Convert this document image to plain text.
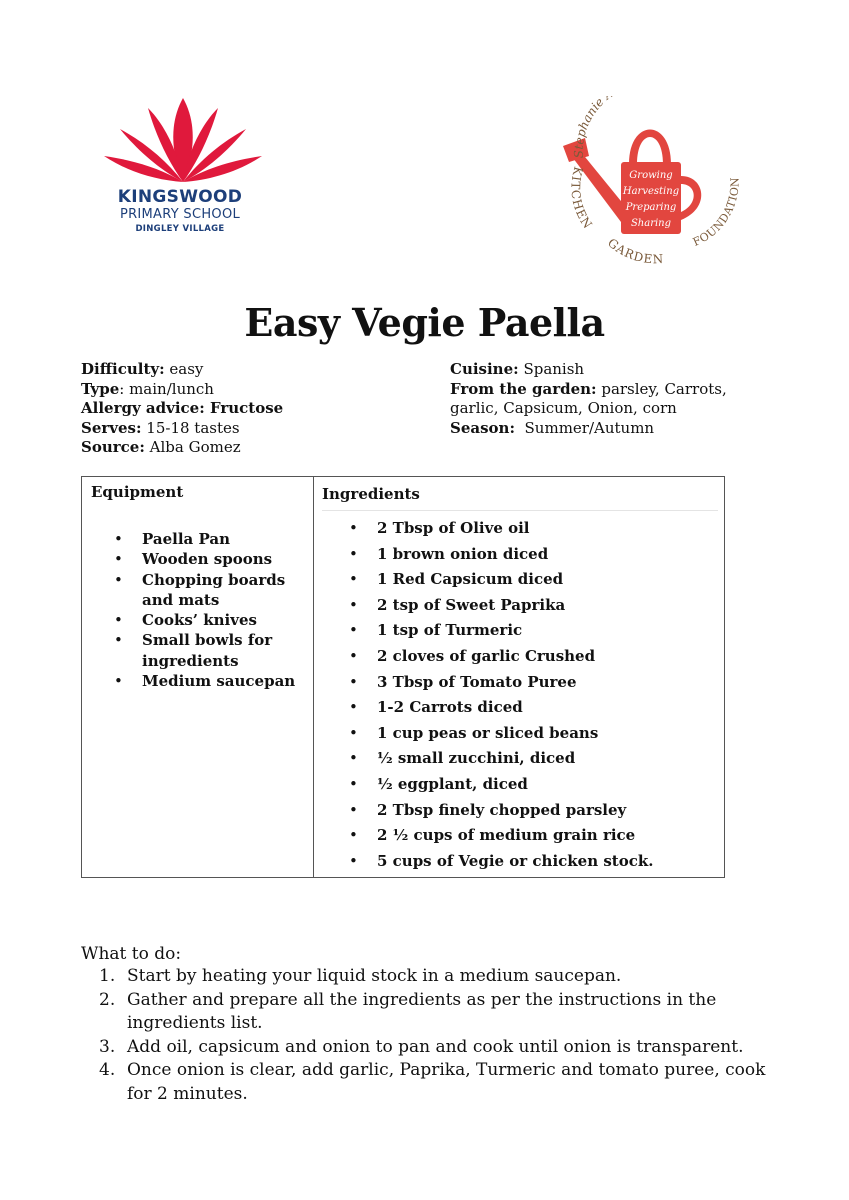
KINGSWOOD
PRIMARY SCHOOL
DINGLEY VILLAGE
Stephanie
KITCHEN
GARDEN
FOUNDATION
Growing
Harvesting
Preparing
Sharing
Easy Vegie Paella
Difficulty: easy
Type: main/lunch
Allergy advice: Fructose
Serves: 15-18 tastes
Source: Alba Gomez
Cuisine: Spanish
From the garden: parsley, Carrots, garlic, Capsicum, Onion, corn
Season:  Summer/Autumn
Equipment
• Paella Pan
• Wooden spoons
• Chopping boards and mats
• Cooks’ knives
• Small bowls for ingredients
• Medium saucepan
Ingredients
• 2 Tbsp of Olive oil
• 1 brown onion diced
• 1 Red Capsicum diced
• 2 tsp of Sweet Paprika
• 1 tsp of Turmeric
• 2 cloves of garlic Crushed
• 3 Tbsp of Tomato Puree
• 1-2 Carrots diced
• 1 cup peas or sliced beans
• ½ small zucchini, diced
• ½ eggplant, diced
• 2 Tbsp finely chopped parsley
• 2 ½ cups of medium grain rice
• 5 cups of Vegie or chicken stock.
What to do:
1. Start by heating your liquid stock in a medium saucepan.
2. Gather and prepare all the ingredients as per the instructions in the ingredients list.
3. Add oil, capsicum and onion to pan and cook until onion is transparent.
4. Once onion is clear, add garlic, Paprika, Turmeric and tomato puree, cook for 2 minutes.
